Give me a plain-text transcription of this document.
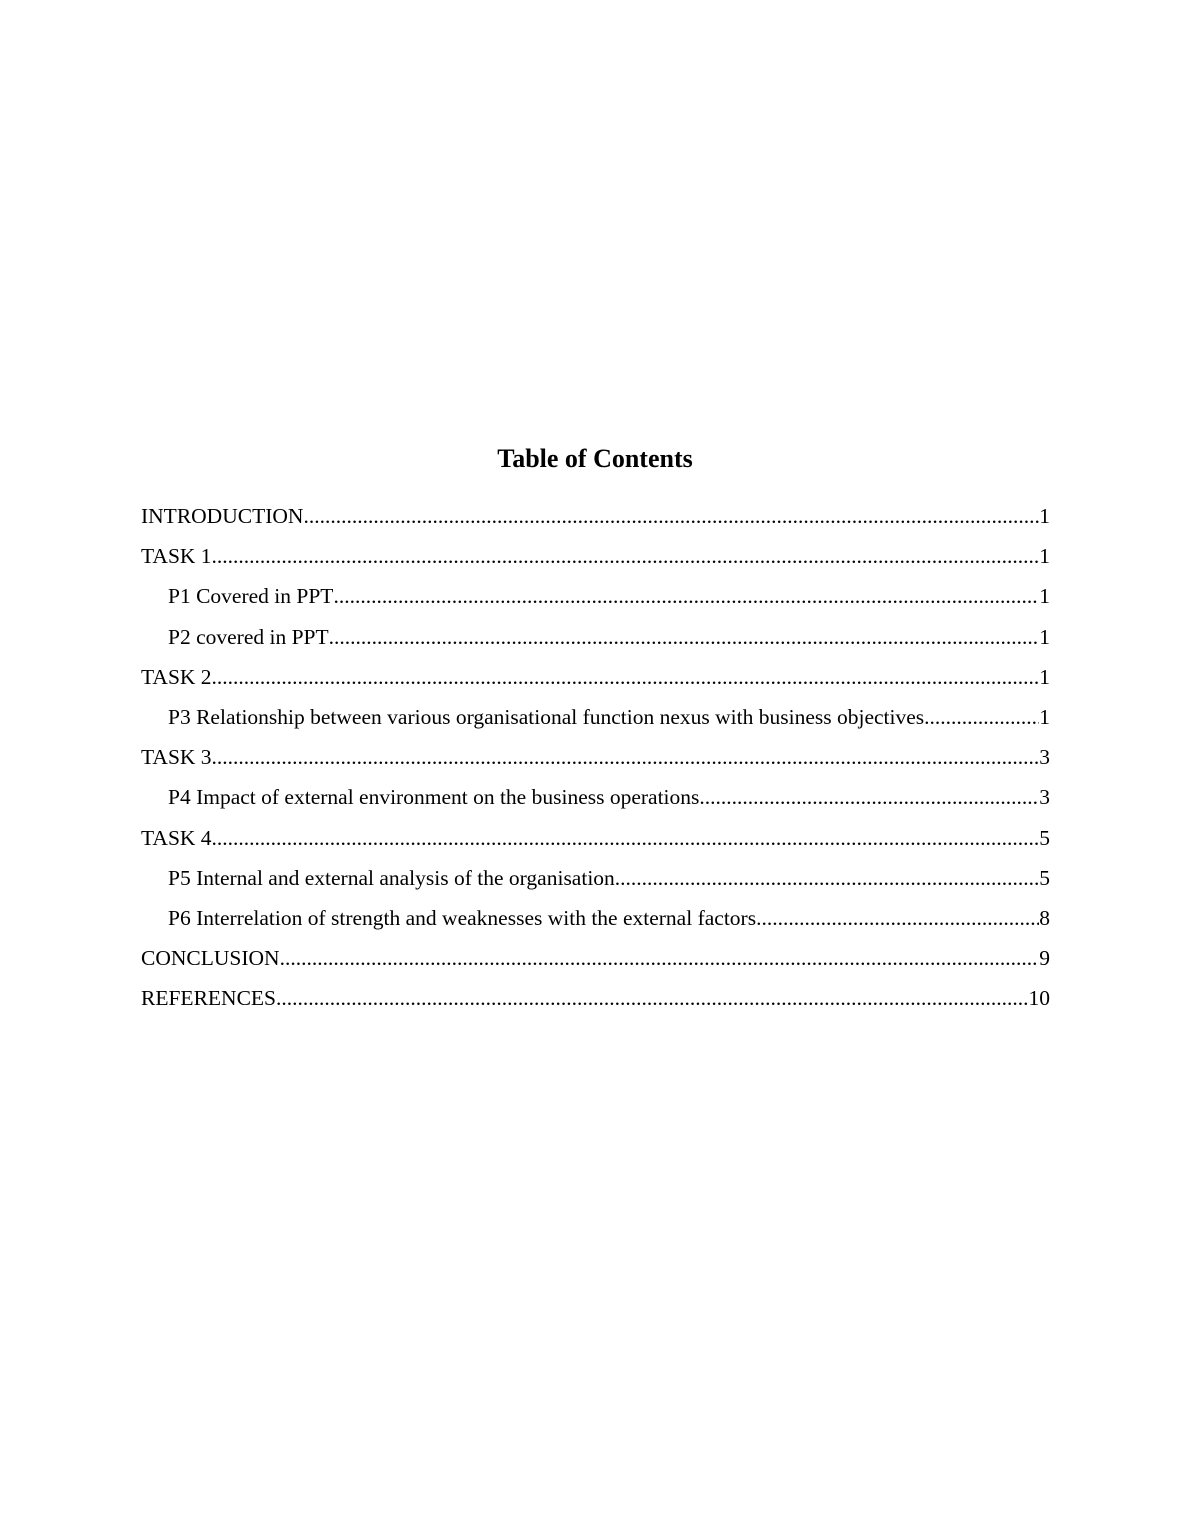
Table of Contents
INTRODUCTION .....	1
TASK 1 .....	1
P1 Covered in PPT .....	1
P2 covered in PPT .....	1
TASK 2 .....	1
P3 Relationship between various organisational function nexus with business objectives .....	1
TASK 3 .....	3
P4 Impact of external environment on the business operations .....	3
TASK 4 .....	5
P5 Internal and external analysis of the organisation .....	5
P6 Interrelation of strength and weaknesses with the external factors .....	8
CONCLUSION .....	9
REFERENCES .....	10
